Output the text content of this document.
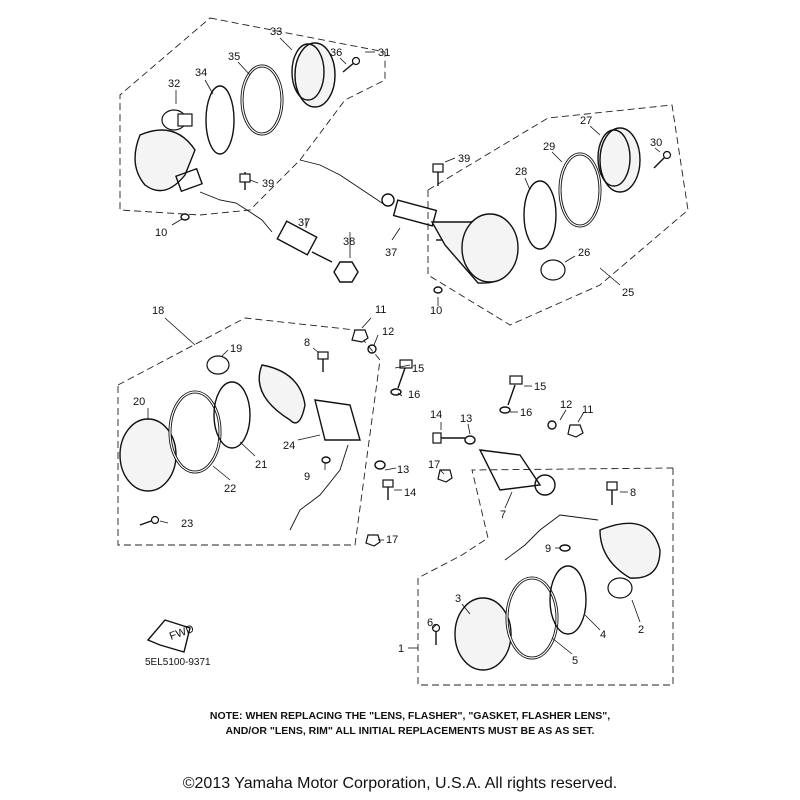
FWD
33
35
34
32
36	31
39
10
37
39
37
38
10
28
29
27
30
26
25
18
19
20
21
22
23
24
8
9
11
12
15
16
13
14
17
15
16
12 11
13
14
17
7
8
9
3
6
4
5
2
1
5EL5100-9371
NOTE: WHEN REPLACING THE "LENS, FLASHER", "GASKET, FLASHER LENS",
AND/OR "LENS, RIM" ALL INITIAL REPLACEMENTS MUST BE AS AS SET.
©2013 Yamaha Motor Corporation, U.S.A. All rights reserved.
